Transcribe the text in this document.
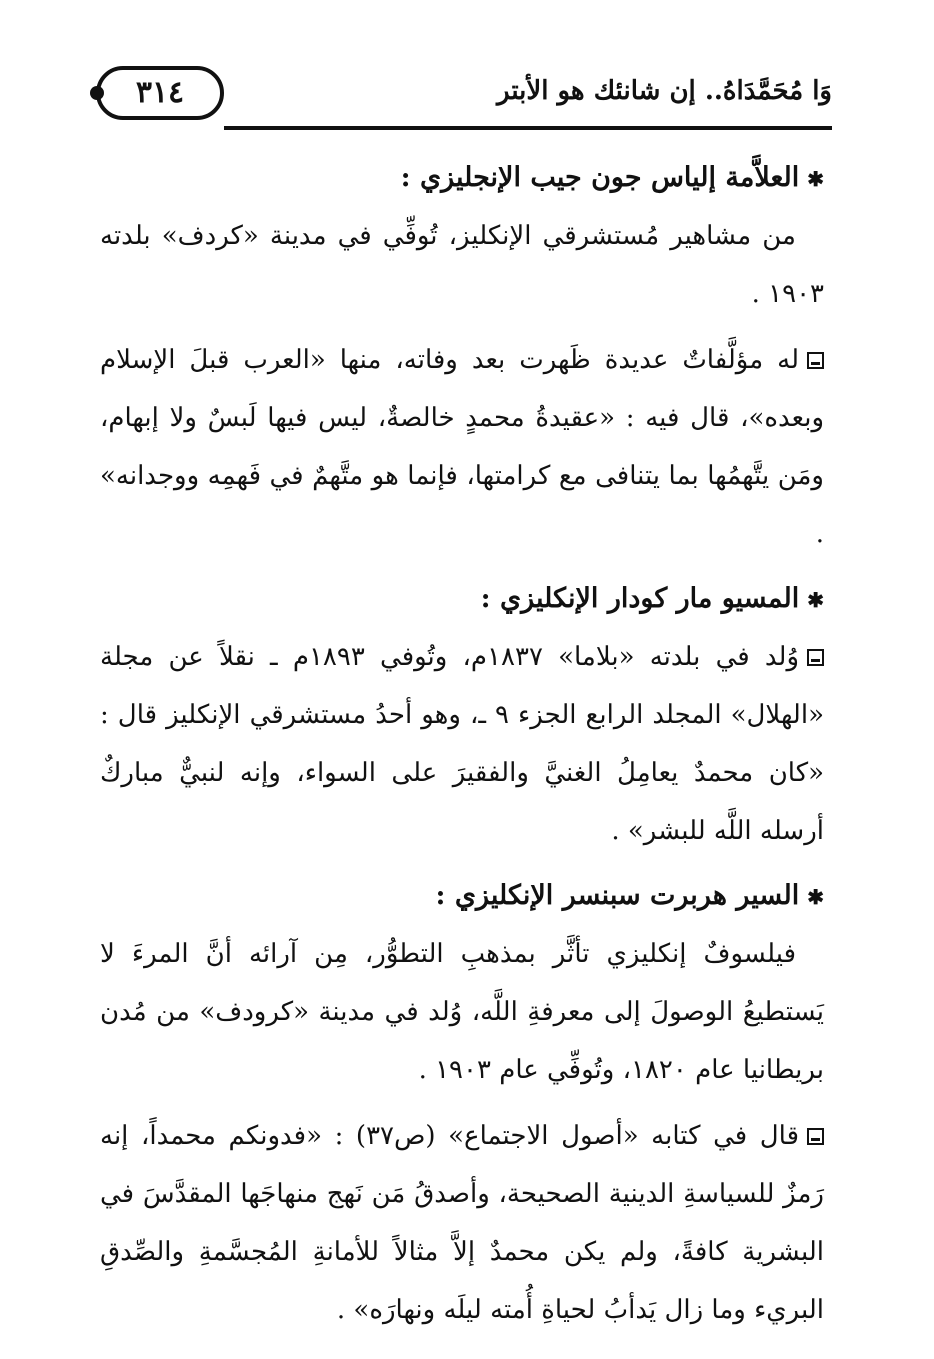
وَا مُحَمَّدَاهُ.. إن شانئك هو الأبتر
٣١٤

✱العلاَّمة إلياس جون جيب الإنجليزي :

من مشاهير مُستشرقي الإنكليز، تُوفِّي في مدينة «كردف» بلدته ١٩٠٣ .

له مؤلَّفاتٌ عديدة ظَهرت بعد وفاته، منها «العرب قبلَ الإسلام وبعده»، قال فيه : «عقيدةُ محمدٍ خالصةٌ، ليس فيها لَبسٌ ولا إبهام، ومَن يتَّهمُها بما يتنافى مع كرامتها، فإنما هو متَّهمٌ في فَهمِه ووجدانه» .

✱المسيو مار كودار الإنكليزي :

وُلد في بلدته «بلاما» ١٨٣٧م، وتُوفي ١٨٩٣م ـ نقلاً عن مجلة «الهلال» المجلد الرابع الجزء ٩ ـ، وهو أحدُ مستشرقي الإنكليز قال : «كان محمدٌ يعامِلُ الغنيَّ والفقيرَ على السواء، وإنه لنبيٌّ مباركٌ أرسله اللَّه للبشر» .

✱السير هربرت سبنسر الإنكليزي :

فيلسوفٌ إنكليزي تأثَّر بمذهبِ التطوُّر، مِن آرائه أنَّ المرءَ لا يَستطيعُ الوصولَ إلى معرفةِ اللَّه، وُلد في مدينة «كرودف» من مُدن بريطانيا عام ١٨٢٠، وتُوفِّي عام ١٩٠٣ .

قال في كتابه «أصول الاجتماع» (ص٣٧) : «فدونكم محمداً، إنه رَمزٌ للسياسةِ الدينية الصحيحة، وأصدقُ مَن نَهج منهاجَها المقدَّسَ في البشرية كافةً، ولم يكن محمدٌ إلاَّ مثالاً للأمانةِ المُجسَّمةِ والصِّدقِ البريء وما زال يَدأبُ لحياةِ أُمته ليلَه ونهارَه» .
